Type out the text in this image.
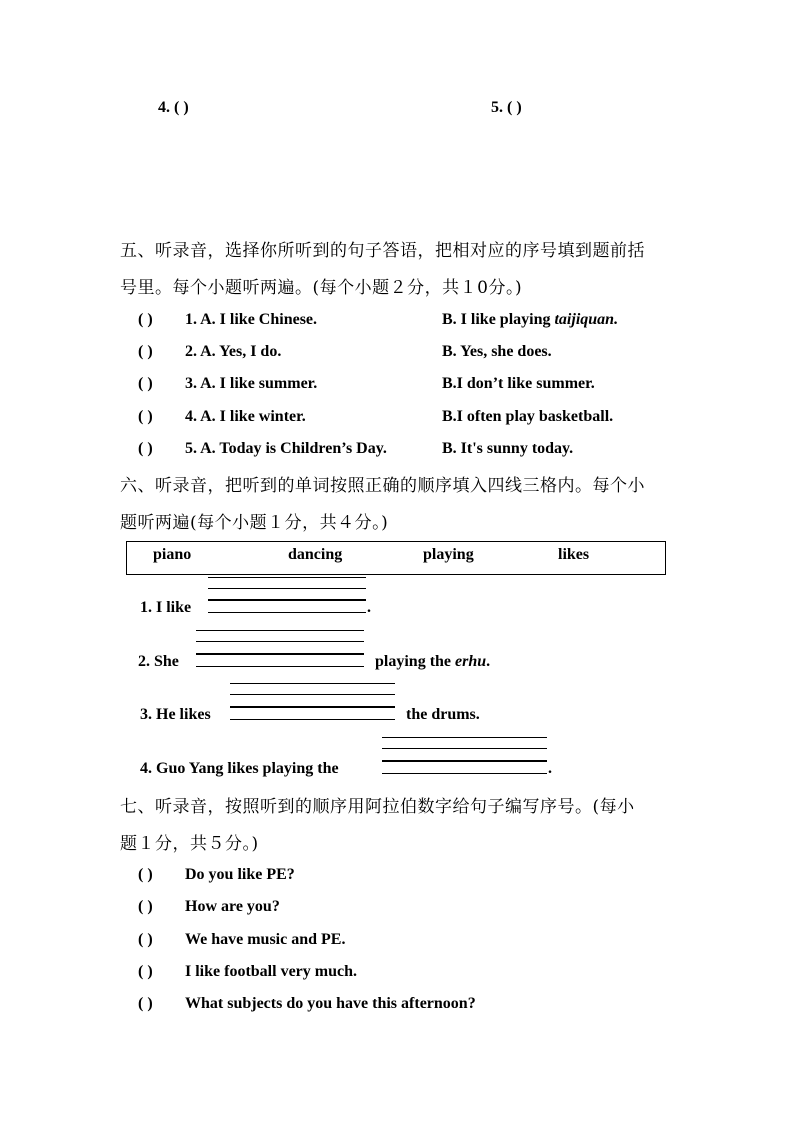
4. ( )	5. ( )
五、听录音，选择你所听到的句子答语，把相对应的序号填到题前括
号里。每个小题听两遍。(每个小题２分，共１0分。)
( ) 1. A. I like Chinese.	B. I like playing taijiquan.
( ) 2. A. Yes, I do.	B. Yes, she does.
( ) 3. A. I like summer.	B.I don’t like summer.
( ) 4. A. I like winter.	B.I often play basketball.
( ) 5. A. Today is Children’s Day.	B. It's sunny today.
六、听录音，把听到的单词按照正确的顺序填入四线三格内。每个小
题听两遍(每个小题１分，共４分。)
piano	dancing	playing	likes
1. I like	.
2. She	playing the erhu.
3. He likes	the drums.
4. Guo Yang likes playing the	.
七、听录音，按照听到的顺序用阿拉伯数字给句子编写序号。(每小
题１分，共５分。)
( ) Do you like PE?
( ) How are you?
( ) We have music and PE.
( ) I like football very much.
( ) What subjects do you have this afternoon?
